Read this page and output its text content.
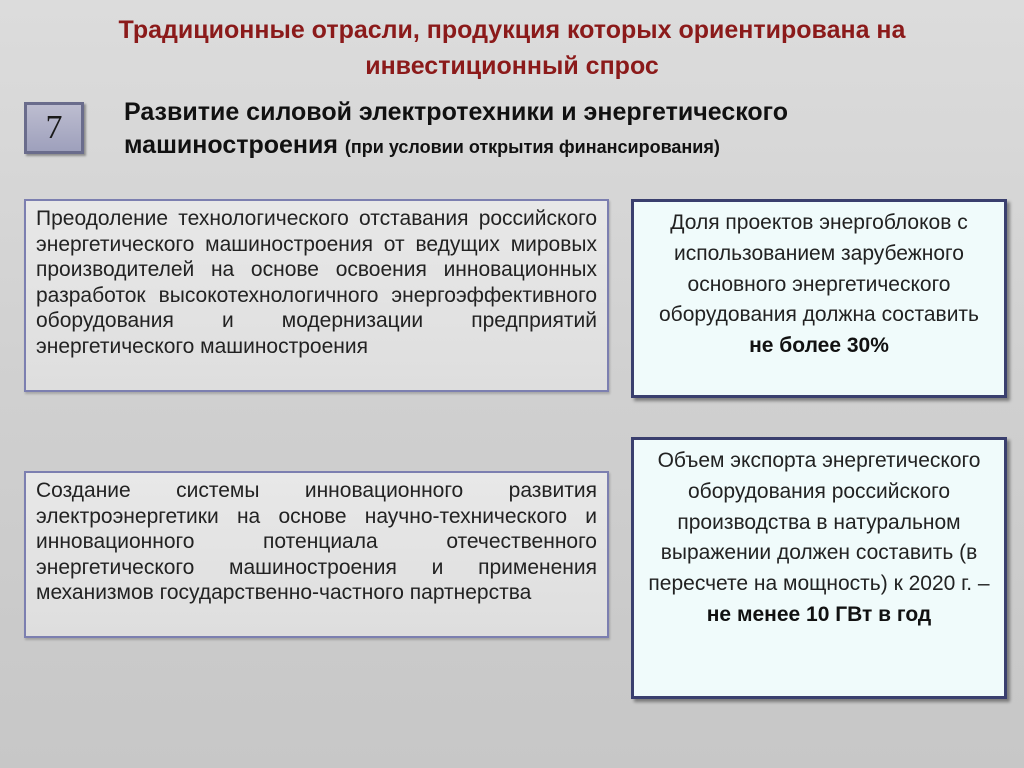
Традиционные отрасли, продукция которых ориентирована на инвестиционный спрос
7 Развитие силовой электротехники и энергетического машиностроения (при условии открытия финансирования)
Преодоление технологического отставания российского энергетического машиностроения от ведущих мировых производителей на основе освоения инновационных разработок высокотехнологичного энергоэффективного оборудования и модернизации предприятий энергетического машиностроения
Создание системы инновационного развития электроэнергетики на основе научно-технического и инновационного потенциала отечественного энергетического машиностроения и применения механизмов государственно-частного партнерства
Доля проектов энергоблоков с использованием зарубежного основного энергетического оборудования должна составить не более 30%
Объем экспорта энергетического оборудования российского производства в натуральном выражении должен составить (в пересчете на мощность) к 2020 г. – не менее 10 ГВт в год
